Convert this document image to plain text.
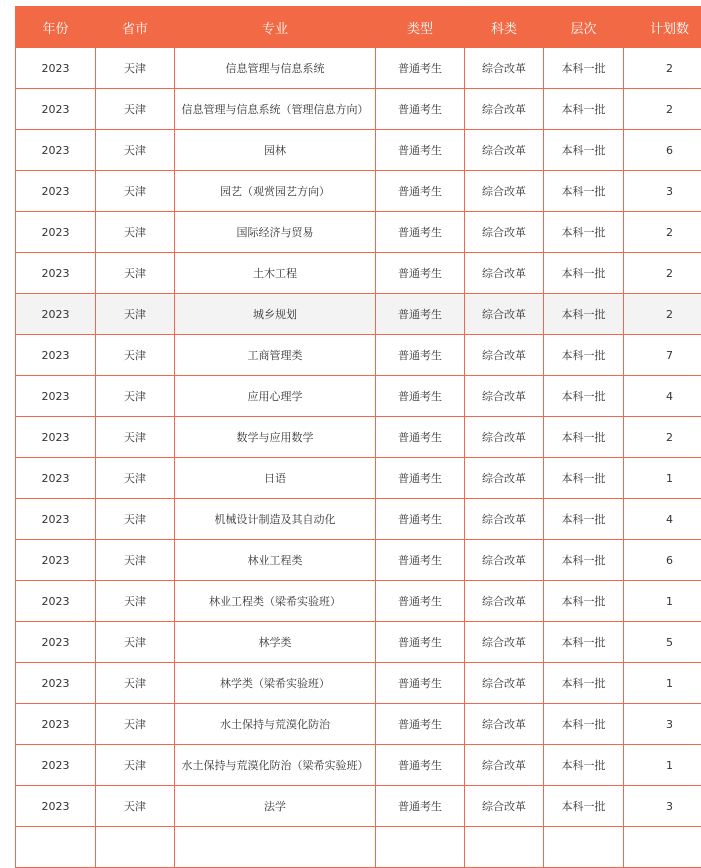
年份	省市	专业	类型	科类	层次	计划数
2023	天津	信息管理与信息系统	普通考生	综合改革	本科一批	2
2023	天津	信息管理与信息系统（管理信息方向）	普通考生	综合改革	本科一批	2
2023	天津	园林	普通考生	综合改革	本科一批	6
2023	天津	园艺（观赏园艺方向）	普通考生	综合改革	本科一批	3
2023	天津	国际经济与贸易	普通考生	综合改革	本科一批	2
2023	天津	土木工程	普通考生	综合改革	本科一批	2
2023	天津	城乡规划	普通考生	综合改革	本科一批	2
2023	天津	工商管理类	普通考生	综合改革	本科一批	7
2023	天津	应用心理学	普通考生	综合改革	本科一批	4
2023	天津	数学与应用数学	普通考生	综合改革	本科一批	2
2023	天津	日语	普通考生	综合改革	本科一批	1
2023	天津	机械设计制造及其自动化	普通考生	综合改革	本科一批	4
2023	天津	林业工程类	普通考生	综合改革	本科一批	6
2023	天津	林业工程类（梁希实验班）	普通考生	综合改革	本科一批	1
2023	天津	林学类	普通考生	综合改革	本科一批	5
2023	天津	林学类（梁希实验班）	普通考生	综合改革	本科一批	1
2023	天津	水土保持与荒漠化防治	普通考生	综合改革	本科一批	3
2023	天津	水土保持与荒漠化防治（梁希实验班）	普通考生	综合改革	本科一批	1
2023	天津	法学	普通考生	综合改革	本科一批	3
